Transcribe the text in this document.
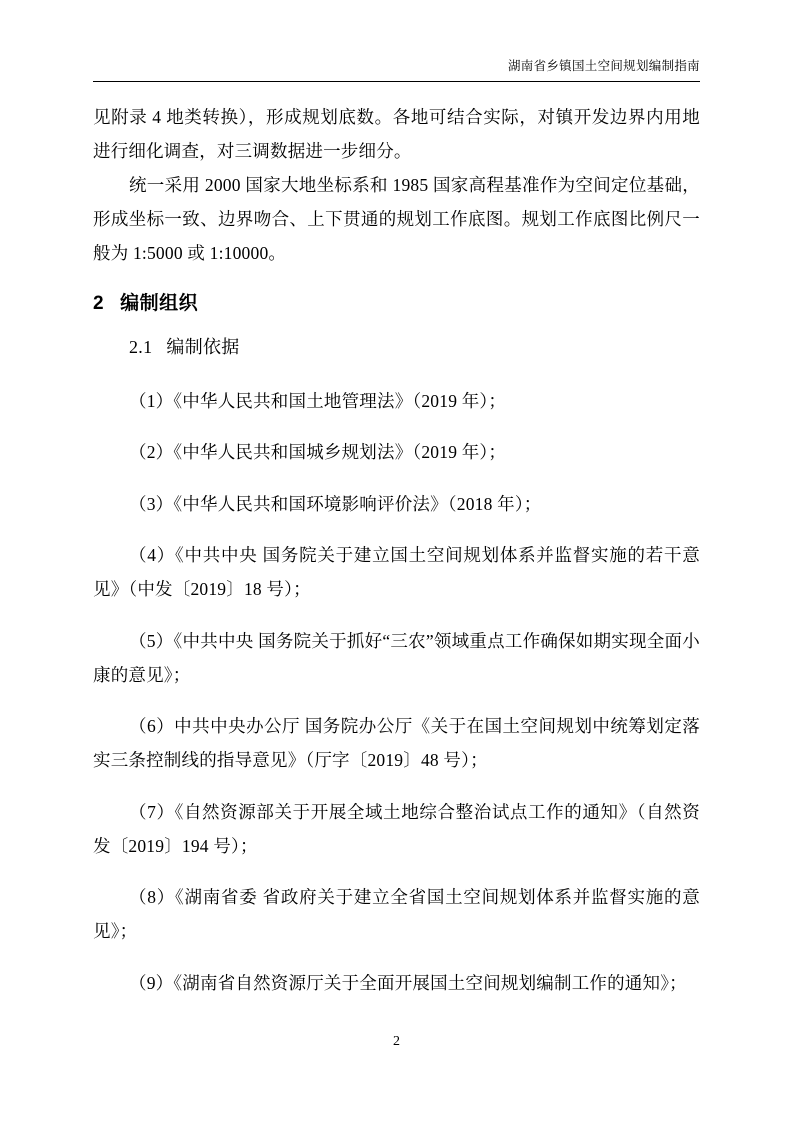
湖南省乡镇国土空间规划编制指南

见附录 4 地类转换），形成规划底数。各地可结合实际，对镇开发边界内用地进行细化调查，对三调数据进一步细分。

统一采用 2000 国家大地坐标系和 1985 国家高程基准作为空间定位基础，形成坐标一致、边界吻合、上下贯通的规划工作底图。规划工作底图比例尺一般为 1:5000 或 1:10000。

2 编制组织
2.1 编制依据

（1）《中华人民共和国土地管理法》（2019 年）；

（2）《中华人民共和国城乡规划法》（2019 年）；

（3）《中华人民共和国环境影响评价法》（2018 年）；

（4）《中共中央 国务院关于建立国土空间规划体系并监督实施的若干意见》（中发〔2019〕18 号）；

（5）《中共中央 国务院关于抓好“三农”领域重点工作确保如期实现全面小康的意见》；

（6）中共中央办公厅 国务院办公厅《关于在国土空间规划中统筹划定落实三条控制线的指导意见》（厅字〔2019〕48 号）；

（7）《自然资源部关于开展全域土地综合整治试点工作的通知》（自然资发〔2019〕194 号）；

（8）《湖南省委 省政府关于建立全省国土空间规划体系并监督实施的意见》；

（9）《湖南省自然资源厅关于全面开展国土空间规划编制工作的通知》；

2
